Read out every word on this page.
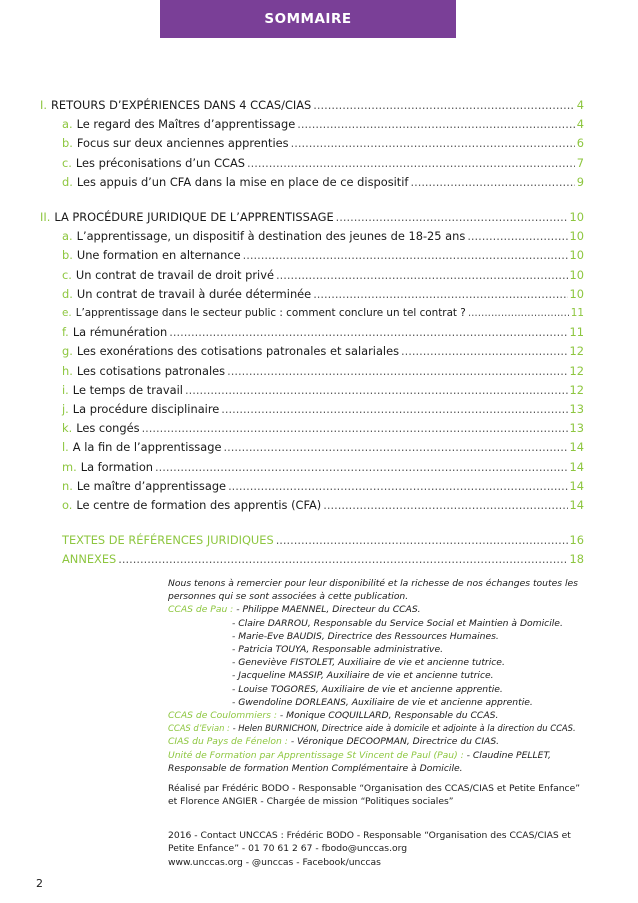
SOMMAIRE
I. RETOURS D’EXPÉRIENCES DANS 4 CCAS/CIAS .....	4
a. Le regard des Maîtres d’apprentissage .....	4
b. Focus sur deux anciennes apprenties .....	6
c. Les préconisations d’un CCAS .....	7
d. Les appuis d’un CFA dans la mise en place de ce dispositif .....	9
II. LA PROCÉDURE JURIDIQUE DE L’APPRENTISSAGE .....	10
a. L’apprentissage, un dispositif à destination des jeunes de 18-25 ans .....	10
b. Une formation en alternance .....	10
c. Un contrat de travail de droit privé .....	10
d. Un contrat de travail à durée déterminée .....	10
e. L’apprentissage dans le secteur public : comment conclure un tel contrat ? .....	11
f. La rémunération .....	11
g. Les exonérations des cotisations patronales et salariales .....	12
h. Les cotisations patronales .....	12
i. Le temps de travail .....	12
j. La procédure disciplinaire .....	13
k. Les congés .....	13
l. A la fin de l’apprentissage .....	14
m. La formation .....	14
n. Le maître d’apprentissage .....	14
o. Le centre de formation des apprentis (CFA) .....	14
TEXTES DE RÉFÉRENCES JURIDIQUES .....	16
ANNEXES .....	18
Nous tenons à remercier pour leur disponibilité et la richesse de nos échanges toutes les personnes qui se sont associées à cette publication.
CCAS de Pau : - Philippe MAENNEL, Directeur du CCAS.
- Claire DARROU, Responsable du Service Social et Maintien à Domicile.
- Marie-Eve BAUDIS, Directrice des Ressources Humaines.
- Patricia TOUYA, Responsable administrative.
- Geneviève FISTOLET, Auxiliaire de vie et ancienne tutrice.
- Jacqueline MASSIP, Auxiliaire de vie et ancienne tutrice.
- Louise TOGORES, Auxiliaire de vie et ancienne apprentie.
- Gwendoline DORLEANS, Auxiliaire de vie et ancienne apprentie.
CCAS de Coulommiers : - Monique COQUILLARD, Responsable du CCAS.
CCAS d’Evian : - Helen BURNICHON, Directrice aide à domicile et adjointe à la direction du CCAS.
CIAS du Pays de Fénelon : - Véronique DECOOPMAN, Directrice du CIAS.
Unité de Formation par Apprentissage St Vincent de Paul (Pau) : - Claudine PELLET, Responsable de formation Mention Complémentaire à Domicile.
Réalisé par Frédéric BODO - Responsable “Organisation des CCAS/CIAS et Petite Enfance”
et Florence ANGIER - Chargée de mission “Politiques sociales”
2016 - Contact UNCCAS : Frédéric BODO - Responsable “Organisation des CCAS/CIAS et
Petite Enfance” - 01 70 61 2 67 - fbodo@unccas.org
www.unccas.org - @unccas - Facebook/unccas
2
